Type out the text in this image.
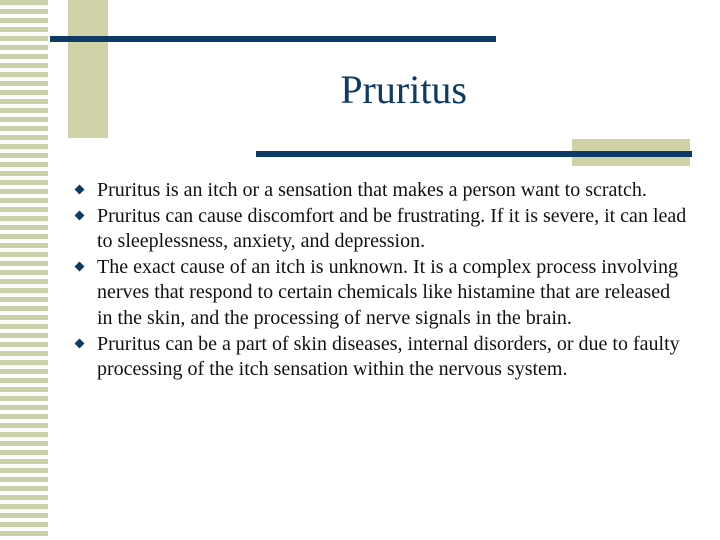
Pruritus
Pruritus is an itch or a sensation that makes a person want to scratch.
Pruritus can cause discomfort and be frustrating. If it is severe, it can lead to sleeplessness, anxiety, and depression.
The exact cause of an itch is unknown. It is a complex process involving nerves that respond to certain chemicals like histamine that are released in the skin, and the processing of nerve signals in the brain.
Pruritus can be a part of skin diseases, internal disorders, or due to faulty processing of the itch sensation within the nervous system.
